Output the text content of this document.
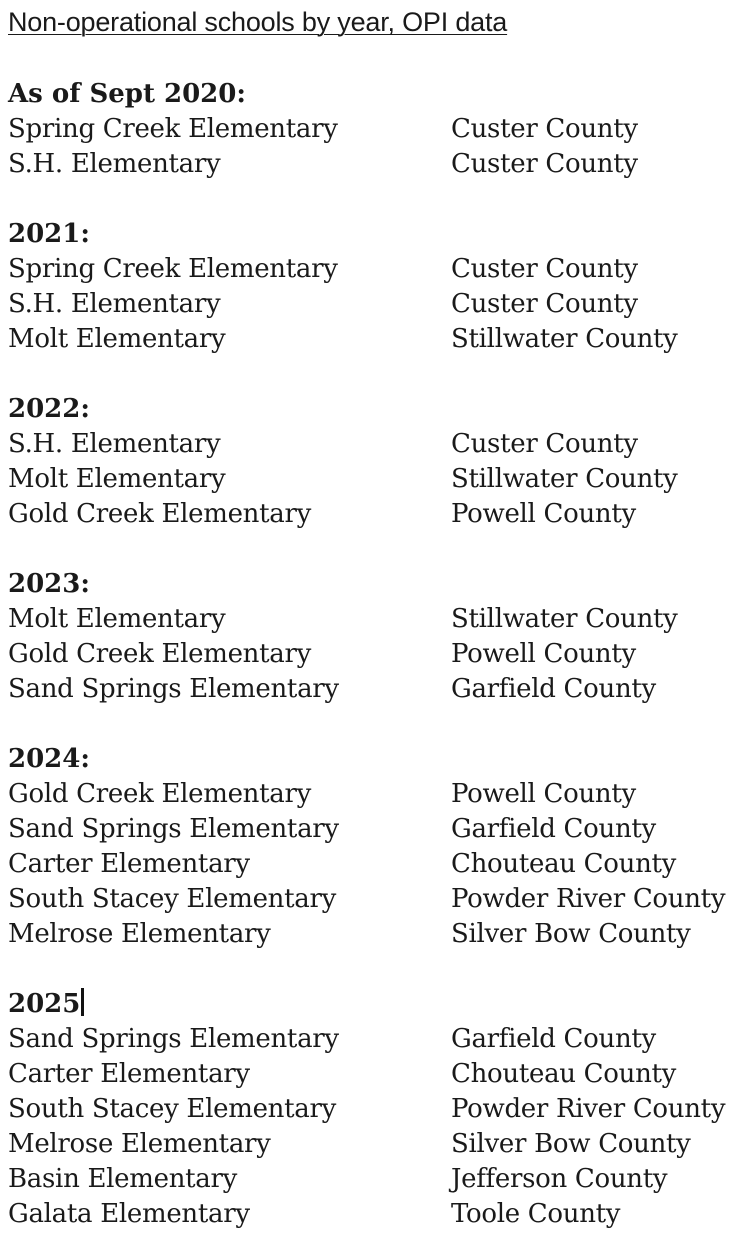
Non-operational schools by year, OPI data
As of Sept 2020:
Spring Creek Elementary	Custer County
S.H. Elementary	Custer County
2021:
Spring Creek Elementary	Custer County
S.H. Elementary	Custer County
Molt Elementary	Stillwater County
2022:
S.H. Elementary	Custer County
Molt Elementary	Stillwater County
Gold Creek Elementary	Powell County
2023:
Molt Elementary	Stillwater County
Gold Creek Elementary	Powell County
Sand Springs Elementary	Garfield County
2024:
Gold Creek Elementary	Powell County
Sand Springs Elementary	Garfield County
Carter Elementary	Chouteau County
South Stacey Elementary	Powder River County
Melrose Elementary	Silver Bow County
2025
Sand Springs Elementary	Garfield County
Carter Elementary	Chouteau County
South Stacey Elementary	Powder River County
Melrose Elementary	Silver Bow County
Basin Elementary	Jefferson County
Galata Elementary	Toole County
